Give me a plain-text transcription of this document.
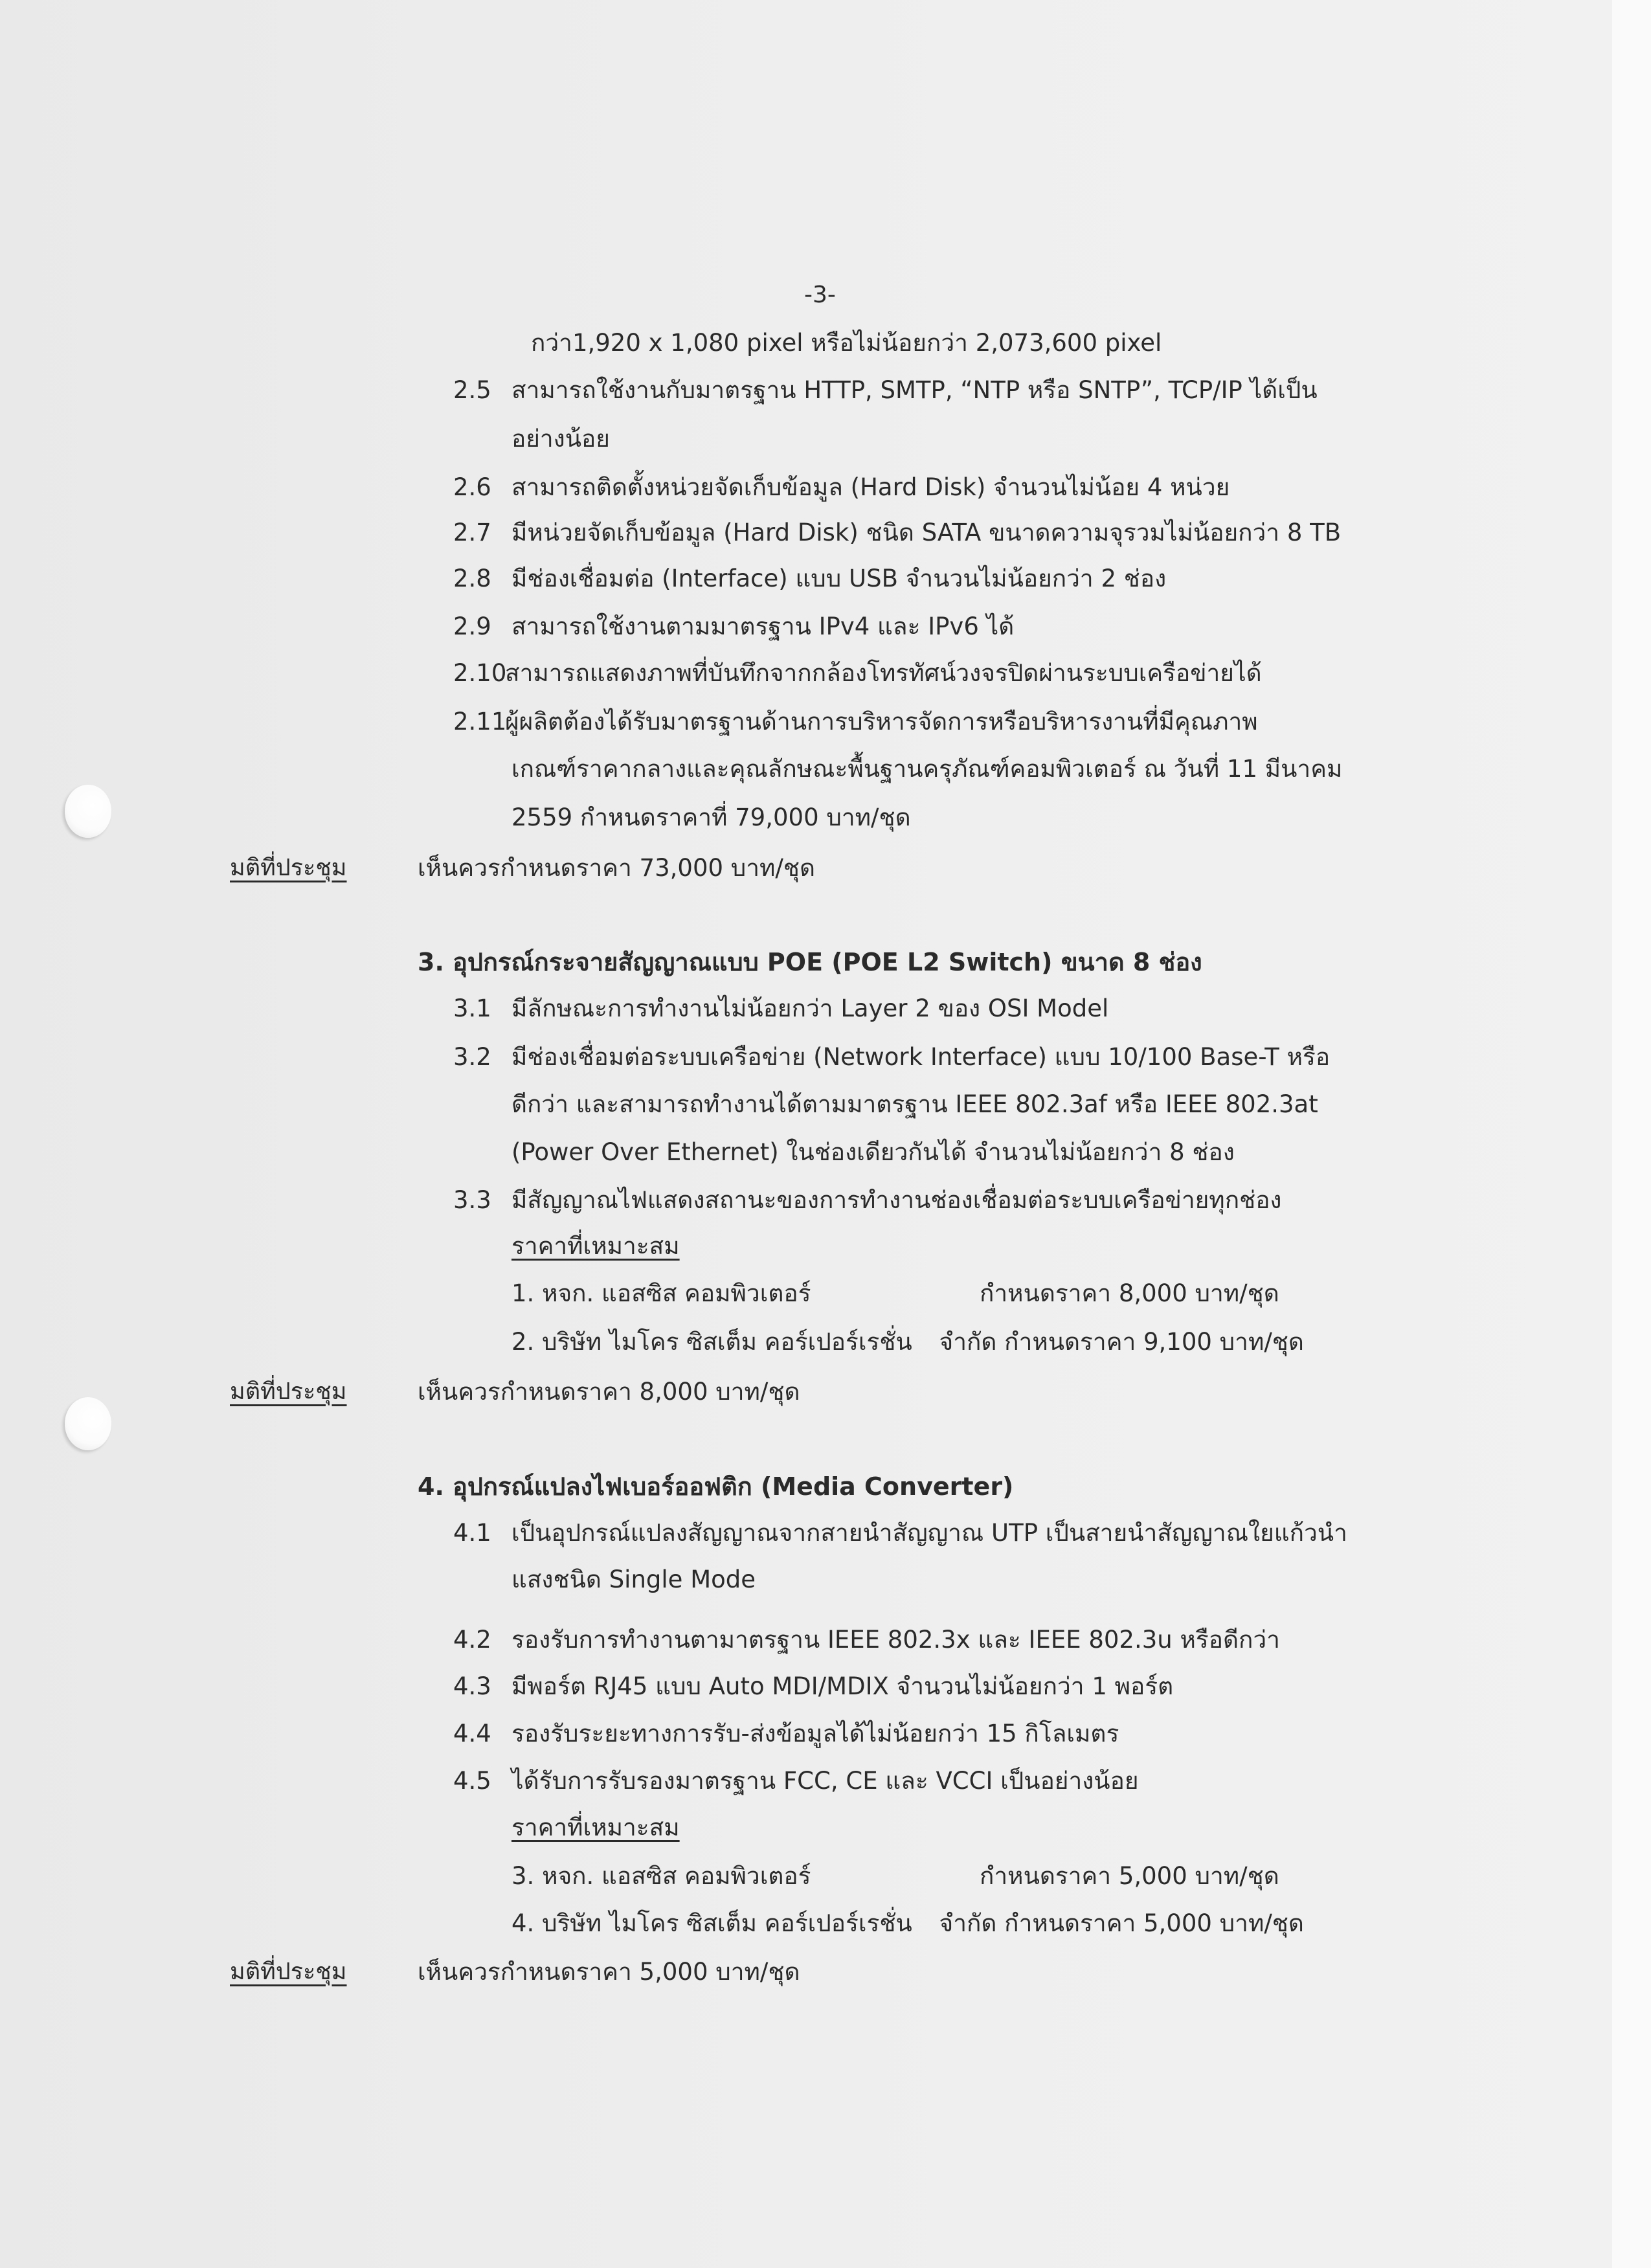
-3-
กว่า1,920 x 1,080 pixel หรือไม่น้อยกว่า 2,073,600 pixel
2.5 สามารถใช้งานกับมาตรฐาน HTTP, SMTP, “NTP หรือ SNTP”, TCP/IP ได้เป็น
อย่างน้อย
2.6 สามารถติดตั้งหน่วยจัดเก็บข้อมูล (Hard Disk) จำนวนไม่น้อย 4 หน่วย
2.7 มีหน่วยจัดเก็บข้อมูล (Hard Disk) ชนิด SATA ขนาดความจุรวมไม่น้อยกว่า 8 TB
2.8 มีช่องเชื่อมต่อ (Interface) แบบ USB จำนวนไม่น้อยกว่า 2 ช่อง
2.9 สามารถใช้งานตามมาตรฐาน IPv4 และ IPv6 ได้
2.10สามารถแสดงภาพที่บันทึกจากกล้องโทรทัศน์วงจรปิดผ่านระบบเครือข่ายได้
2.11ผู้ผลิตต้องได้รับมาตรฐานด้านการบริหารจัดการหรือบริหารงานที่มีคุณภาพ
เกณฑ์ราคากลางและคุณลักษณะพื้นฐานครุภัณฑ์คอมพิวเตอร์ ณ วันที่ 11 มีนาคม
2559 กำหนดราคาที่ 79,000 บาท/ชุด
มติที่ประชุม	เห็นควรกำหนดราคา 73,000 บาท/ชุด
3. อุปกรณ์กระจายสัญญาณแบบ POE (POE L2 Switch) ขนาด 8 ช่อง
3.1 มีลักษณะการทำงานไม่น้อยกว่า Layer 2 ของ OSI Model
3.2 มีช่องเชื่อมต่อระบบเครือข่าย (Network Interface) แบบ 10/100 Base-T หรือ
ดีกว่า และสามารถทำงานได้ตามมาตรฐาน IEEE 802.3af หรือ IEEE 802.3at
(Power Over Ethernet) ในช่องเดียวกันได้ จำนวนไม่น้อยกว่า 8 ช่อง
3.3 มีสัญญาณไฟแสดงสถานะของการทำงานช่องเชื่อมต่อระบบเครือข่ายทุกช่อง
ราคาที่เหมาะสม
1. หจก. แอสซิส คอมพิวเตอร์	กำหนดราคา 8,000 บาท/ชุด
2. บริษัท ไมโคร ซิสเต็ม คอร์เปอร์เรชั่น จำกัด กำหนดราคา 9,100 บาท/ชุด
มติที่ประชุม	เห็นควรกำหนดราคา 8,000 บาท/ชุด
4. อุปกรณ์แปลงไฟเบอร์ออฟติก (Media Converter)
4.1 เป็นอุปกรณ์แปลงสัญญาณจากสายนำสัญญาณ UTP เป็นสายนำสัญญาณใยแก้วนำ
แสงชนิด Single Mode
4.2 รองรับการทำงานตามาตรฐาน IEEE 802.3x และ IEEE 802.3u หรือดีกว่า
4.3 มีพอร์ต RJ45 แบบ Auto MDI/MDIX จำนวนไม่น้อยกว่า 1 พอร์ต
4.4 รองรับระยะทางการรับ-ส่งข้อมูลได้ไม่น้อยกว่า 15 กิโลเมตร
4.5 ได้รับการรับรองมาตรฐาน FCC, CE และ VCCI เป็นอย่างน้อย
ราคาที่เหมาะสม
3. หจก. แอสซิส คอมพิวเตอร์	กำหนดราคา 5,000 บาท/ชุด
4. บริษัท ไมโคร ซิสเต็ม คอร์เปอร์เรชั่น จำกัด กำหนดราคา 5,000 บาท/ชุด
มติที่ประชุม	เห็นควรกำหนดราคา 5,000 บาท/ชุด
